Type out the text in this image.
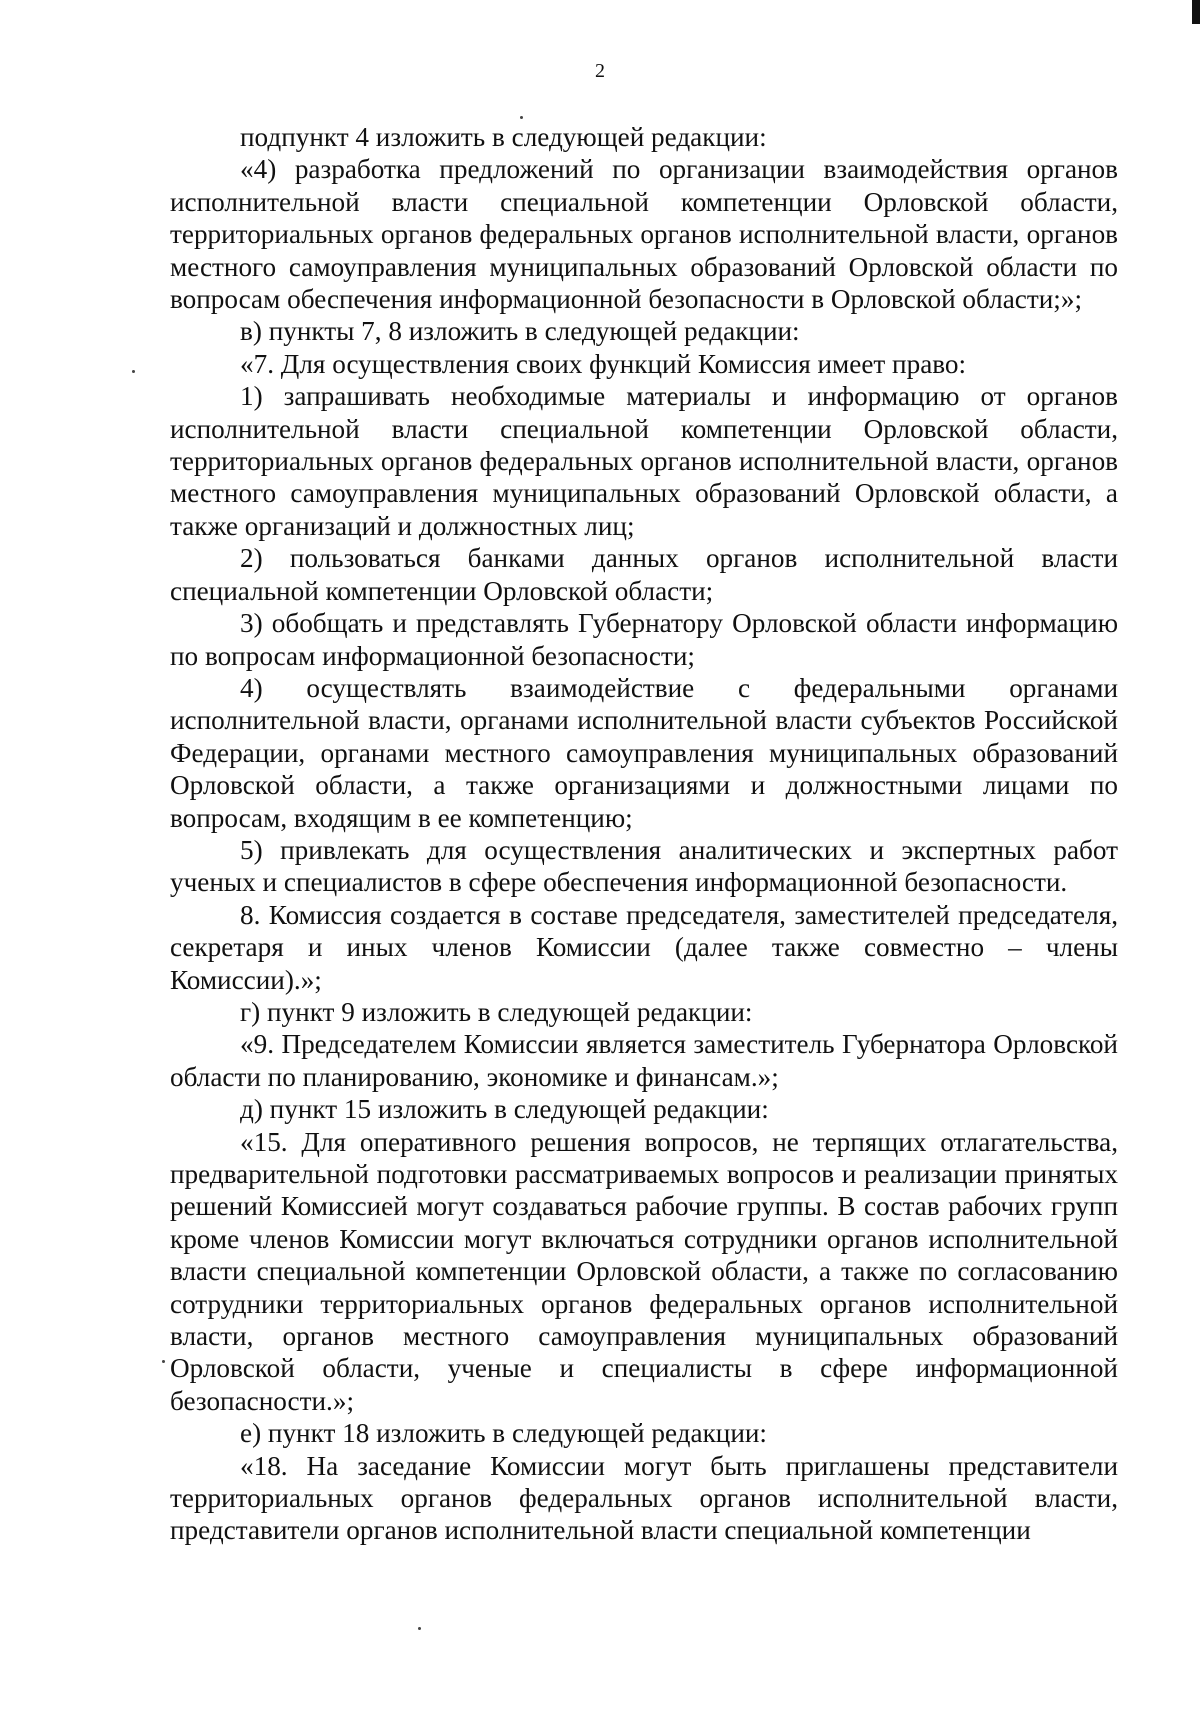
2

подпункт 4 изложить в следующей редакции:

«4) разработка предложений по организации взаимодействия органов исполнительной власти специальной компетенции Орловской области, территориальных органов федеральных органов исполнительной власти, органов местного самоуправления муниципальных образований Орловской области по вопросам обеспечения информационной безопасности в Орловской области;»;

в) пункты 7, 8 изложить в следующей редакции:

«7. Для осуществления своих функций Комиссия имеет право:

1) запрашивать необходимые материалы и информацию от органов исполнительной власти специальной компетенции Орловской области, территориальных органов федеральных органов исполнительной власти, органов местного самоуправления муниципальных образований Орловской области, а также организаций и должностных лиц;

2) пользоваться банками данных органов исполнительной власти специальной компетенции Орловской области;

3) обобщать и представлять Губернатору Орловской области информацию по вопросам информационной безопасности;

4) осуществлять взаимодействие с федеральными органами исполнительной власти, органами исполнительной власти субъектов Российской Федерации, органами местного самоуправления муниципальных образований Орловской области, а также организациями и должностными лицами по вопросам, входящим в ее компетенцию;

5) привлекать для осуществления аналитических и экспертных работ ученых и специалистов в сфере обеспечения информационной безопасности.

8. Комиссия создается в составе председателя, заместителей председателя, секретаря и иных членов Комиссии (далее также совместно – члены Комиссии).»;

г) пункт 9 изложить в следующей редакции:

«9. Председателем Комиссии является заместитель Губернатора Орловской области по планированию, экономике и финансам.»;

д) пункт 15 изложить в следующей редакции:

«15. Для оперативного решения вопросов, не терпящих отлагательства, предварительной подготовки рассматриваемых вопросов и реализации принятых решений Комиссией могут создаваться рабочие группы. В состав рабочих групп кроме членов Комиссии могут включаться сотрудники органов исполнительной власти специальной компетенции Орловской области, а также по согласованию сотрудники территориальных органов федеральных органов исполнительной власти, органов местного самоуправления муниципальных образований Орловской области, ученые и специалисты в сфере информационной безопасности.»;

е) пункт 18 изложить в следующей редакции:

«18. На заседание Комиссии могут быть приглашены представители территориальных органов федеральных органов исполнительной власти, представители органов исполнительной власти специальной компетенции
